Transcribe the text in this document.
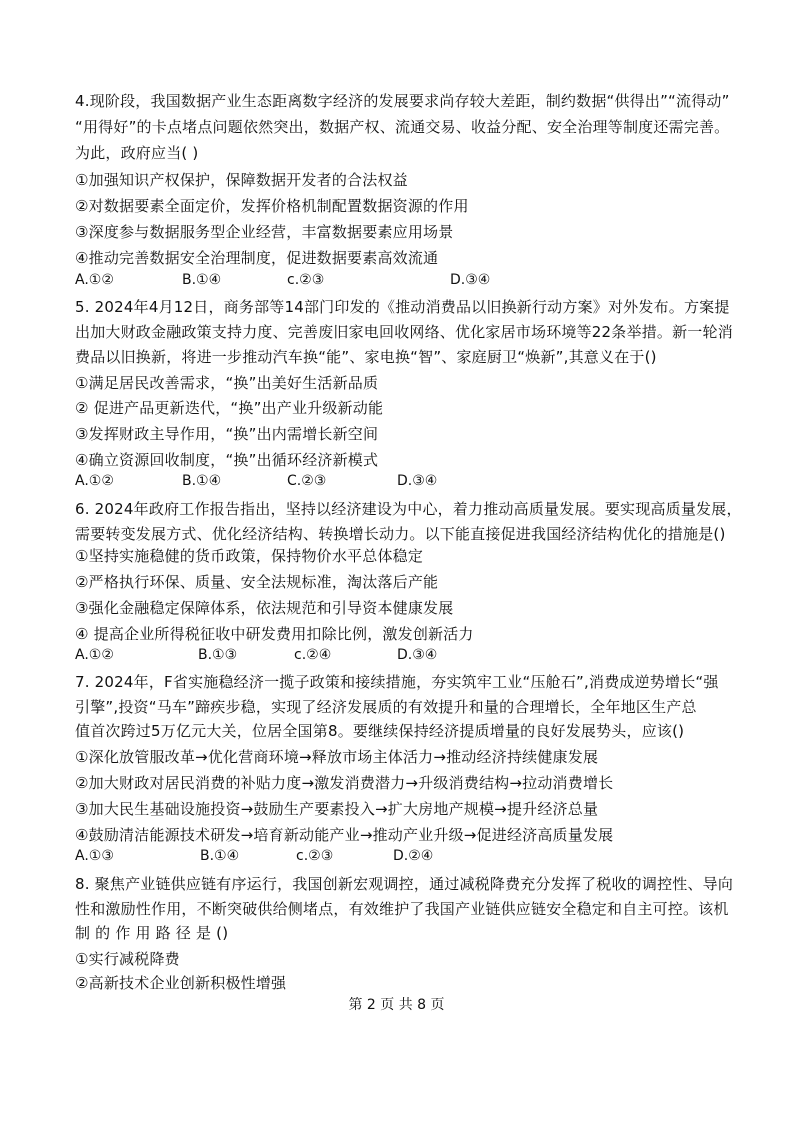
4.现阶段，我国数据产业生态距离数字经济的发展要求尚存较大差距，制约数据“供得出”“流得动”
“用得好”的卡点堵点问题依然突出，数据产权、流通交易、收益分配、安全治理等制度还需完善。
为此，政府应当( )
①加强知识产权保护，保障数据开发者的合法权益
②对数据要素全面定价，发挥价格机制配置数据资源的作用
③深度参与数据服务型企业经营，丰富数据要素应用场景
④推动完善数据安全治理制度，促进数据要素高效流通
A.①②	B.①④	c.②③	D.③④
5. 2024年4月12日，商务部等14部门印发的《推动消费品以旧换新行动方案》对外发布。方案提
出加大财政金融政策支持力度、完善废旧家电回收网络、优化家居市场环境等22条举措。新一轮消
费品以旧换新，将进一步推动汽车换“能”、家电换“智”、家庭厨卫“焕新”,其意义在于()
①满足居民改善需求，“换”出美好生活新品质
② 促进产品更新迭代，“换”出产业升级新动能
③发挥财政主导作用，“换”出内需增长新空间
④确立资源回收制度，“换”出循环经济新模式
A.①②	B.①④	C.②③	D.③④
6. 2024年政府工作报告指出，坚持以经济建设为中心，着力推动高质量发展。要实现高质量发展，
需要转变发展方式、优化经济结构、转换增长动力。以下能直接促进我国经济结构优化的措施是()
①坚持实施稳健的货币政策，保持物价水平总体稳定
②严格执行环保、质量、安全法规标准，淘汰落后产能
③强化金融稳定保障体系，依法规范和引导资本健康发展
④ 提高企业所得税征收中研发费用扣除比例，激发创新活力
A.①②	B.①③	c.②④	D.③④
7. 2024年，F省实施稳经济一揽子政策和接续措施，夯实筑牢工业“压舱石”,消费成逆势增长“强
引擎”,投资“马车”蹄疾步稳，实现了经济发展质的有效提升和量的合理增长，全年地区生产总
值首次跨过5万亿元大关，位居全国第8。要继续保持经济提质增量的良好发展势头，应该()
①深化放管服改革→优化营商环境→释放市场主体活力→推动经济持续健康发展
②加大财政对居民消费的补贴力度→激发消费潜力→升级消费结构→拉动消费增长
③加大民生基础设施投资→鼓励生产要素投入→扩大房地产规模→提升经济总量
④鼓励清洁能源技术研发→培育新动能产业→推动产业升级→促进经济高质量发展
A.①③	B.①④	c.②③	D.②④
8. 聚焦产业链供应链有序运行，我国创新宏观调控，通过减税降费充分发挥了税收的调控性、导向
性和激励性作用，不断突破供给侧堵点，有效维护了我国产业链供应链安全稳定和自主可控。该机
制 的 作 用 路 径 是 ()
①实行减税降费
②高新技术企业创新积极性增强
第 2 页 共 8 页
